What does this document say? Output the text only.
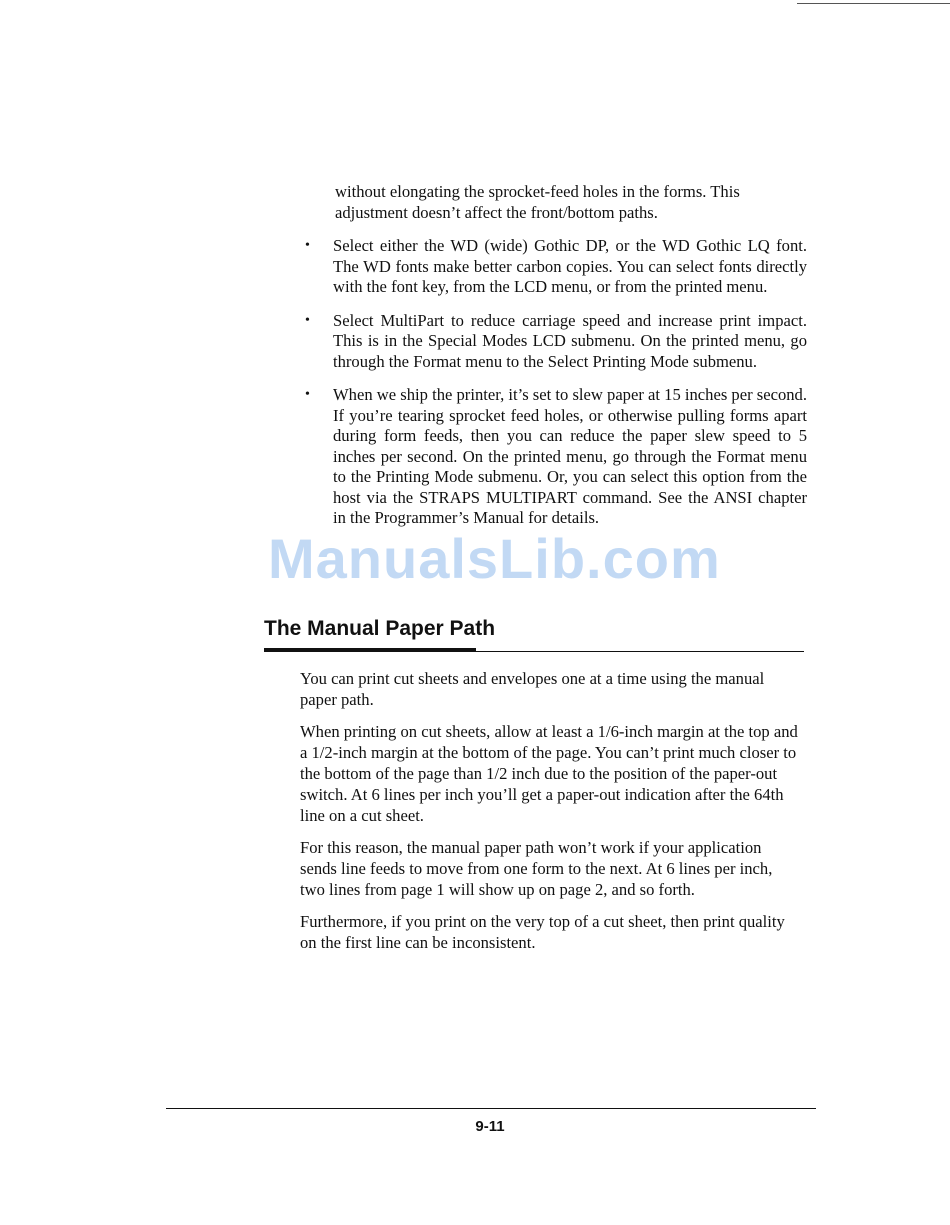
without elongating the sprocket-feed holes in the forms. This adjustment doesn’t affect the front/bottom paths.

• Select either the WD (wide) Gothic DP, or the WD Gothic LQ font. The WD fonts make better carbon copies. You can select fonts directly with the font key, from the LCD menu, or from the printed menu.
• Select MultiPart to reduce carriage speed and increase print impact. This is in the Special Modes LCD submenu. On the printed menu, go through the Format menu to the Select Printing Mode submenu.
• When we ship the printer, it’s set to slew paper at 15 inches per second. If you’re tearing sprocket feed holes, or otherwise pulling forms apart during form feeds, then you can reduce the paper slew speed to 5 inches per second. On the printed menu, go through the Format menu to the Printing Mode submenu. Or, you can select this option from the host via the STRAPS MULTIPART command. See the ANSI chapter in the Programmer’s Manual for details.
ManualsLib.com
The Manual Paper Path

You can print cut sheets and envelopes one at a time using the manual paper path.

When printing on cut sheets, allow at least a 1/6-inch margin at the top and a 1/2-inch margin at the bottom of the page. You can’t print much closer to the bottom of the page than 1/2 inch due to the position of the paper-out switch. At 6 lines per inch you’ll get a paper-out indication after the 64th line on a cut sheet.

For this reason, the manual paper path won’t work if your application sends line feeds to move from one form to the next. At 6 lines per inch, two lines from page 1 will show up on page 2, and so forth.

Furthermore, if you print on the very top of a cut sheet, then print quality on the first line can be inconsistent.

9-11
